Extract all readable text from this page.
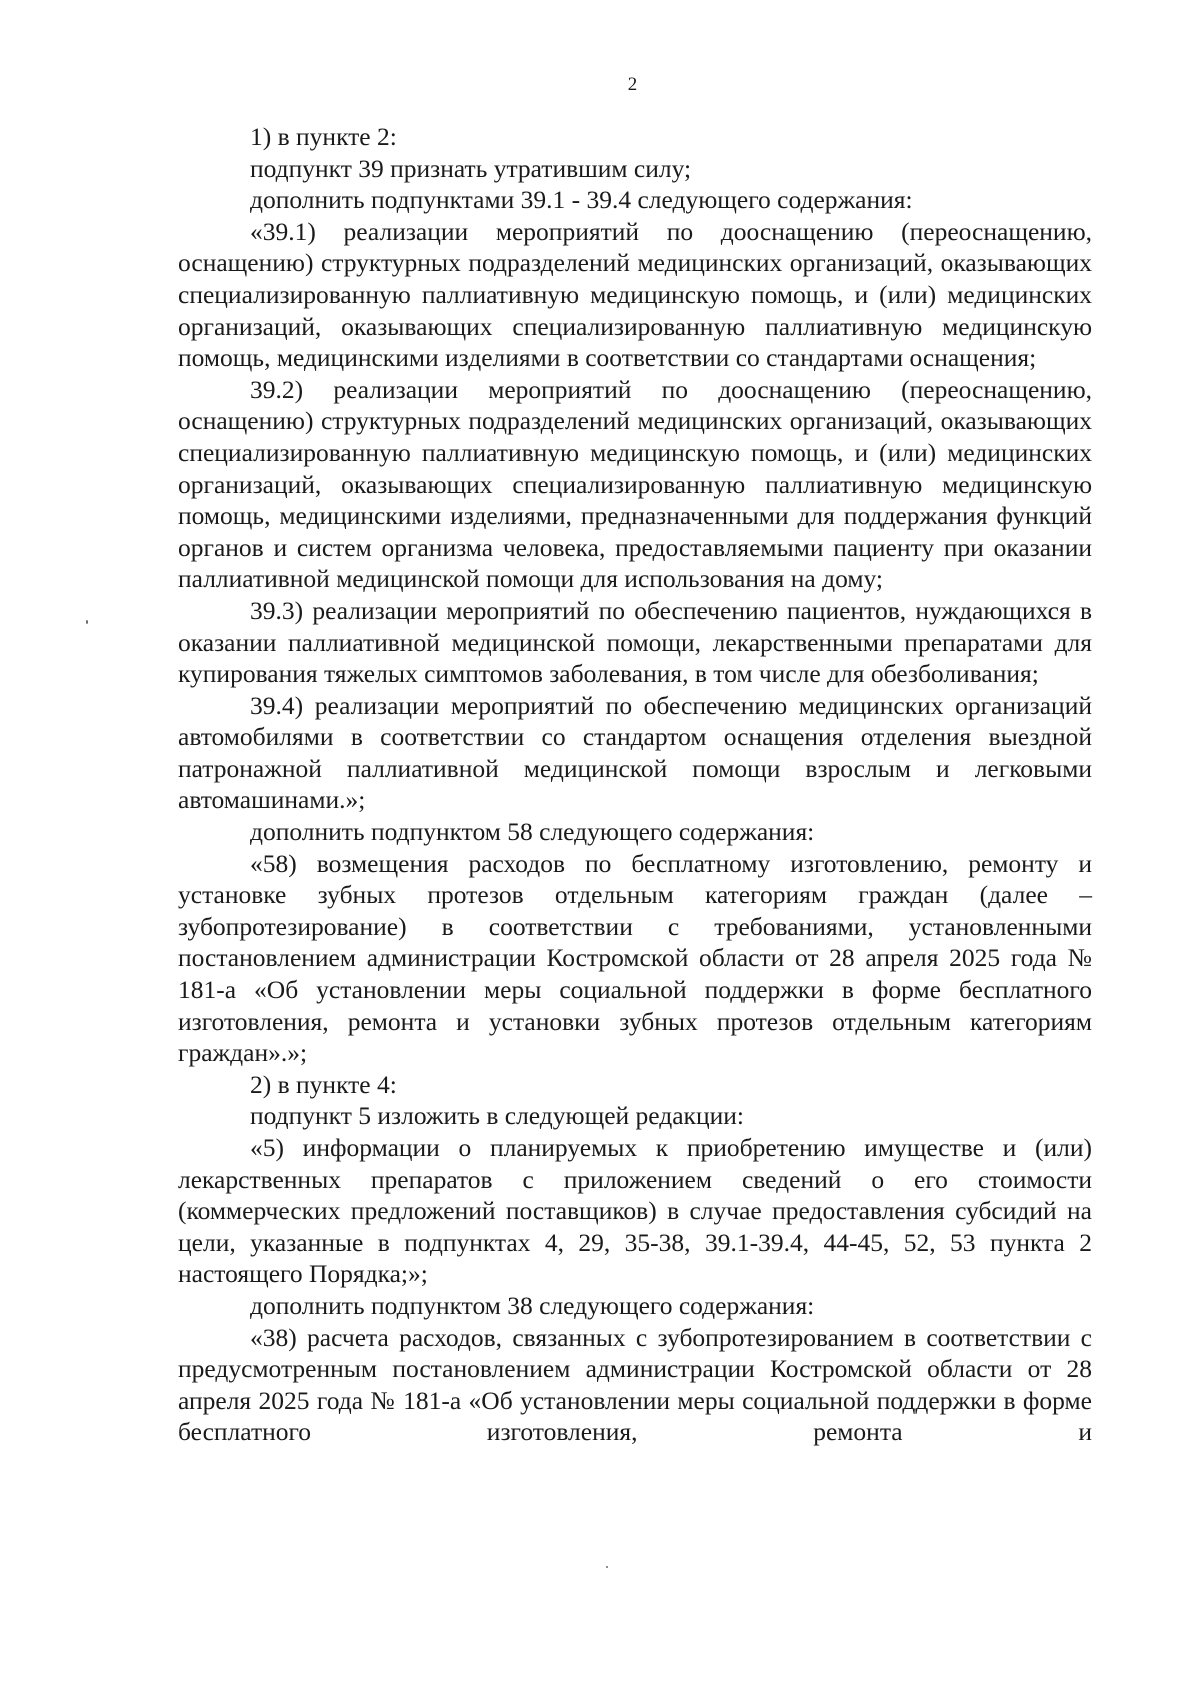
2

1) в пункте 2:

подпункт 39 признать утратившим силу;

дополнить подпунктами 39.1 - 39.4 следующего содержания:

«39.1) реализации мероприятий по дооснащению (переоснащению, оснащению) структурных подразделений медицинских организаций, оказывающих специализированную паллиативную медицинскую помощь, и (или) медицинских организаций, оказывающих специализированную паллиативную медицинскую помощь, медицинскими изделиями в соответствии со стандартами оснащения;

39.2) реализации мероприятий по дооснащению (переоснащению, оснащению) структурных подразделений медицинских организаций, оказывающих специализированную паллиативную медицинскую помощь, и (или) медицинских организаций, оказывающих специализированную паллиативную медицинскую помощь, медицинскими изделиями, предназначенными для поддержания функций органов и систем организма человека, предоставляемыми пациенту при оказании паллиативной медицинской помощи для использования на дому;

39.3) реализации мероприятий по обеспечению пациентов, нуждающихся в оказании паллиативной медицинской помощи, лекарственными препаратами для купирования тяжелых симптомов заболевания, в том числе для обезболивания;

39.4) реализации мероприятий по обеспечению медицинских организаций автомобилями в соответствии со стандартом оснащения отделения выездной патронажной паллиативной медицинской помощи взрослым и легковыми автомашинами.»;

дополнить подпунктом 58 следующего содержания:

«58) возмещения расходов по бесплатному изготовлению, ремонту и установке зубных протезов отдельным категориям граждан (далее – зубопротезирование) в соответствии с требованиями, установленными постановлением администрации Костромской области от 28 апреля 2025 года № 181-а «Об установлении меры социальной поддержки в форме бесплатного изготовления, ремонта и установки зубных протезов отдельным категориям граждан».»;

2) в пункте 4:

подпункт 5 изложить в следующей редакции:

«5) информации о планируемых к приобретению имуществе и (или) лекарственных препаратов с приложением сведений о его стоимости (коммерческих предложений поставщиков) в случае предоставления субсидий на цели, указанные в подпунктах 4, 29, 35-38, 39.1-39.4, 44-45, 52, 53 пункта 2 настоящего Порядка;»;

дополнить подпунктом 38 следующего содержания:

«38) расчета расходов, связанных с зубопротезированием в соответствии с предусмотренным постановлением администрации Костромской области от 28 апреля 2025 года № 181-а «Об установлении меры социальной поддержки в форме бесплатного изготовления, ремонта и
